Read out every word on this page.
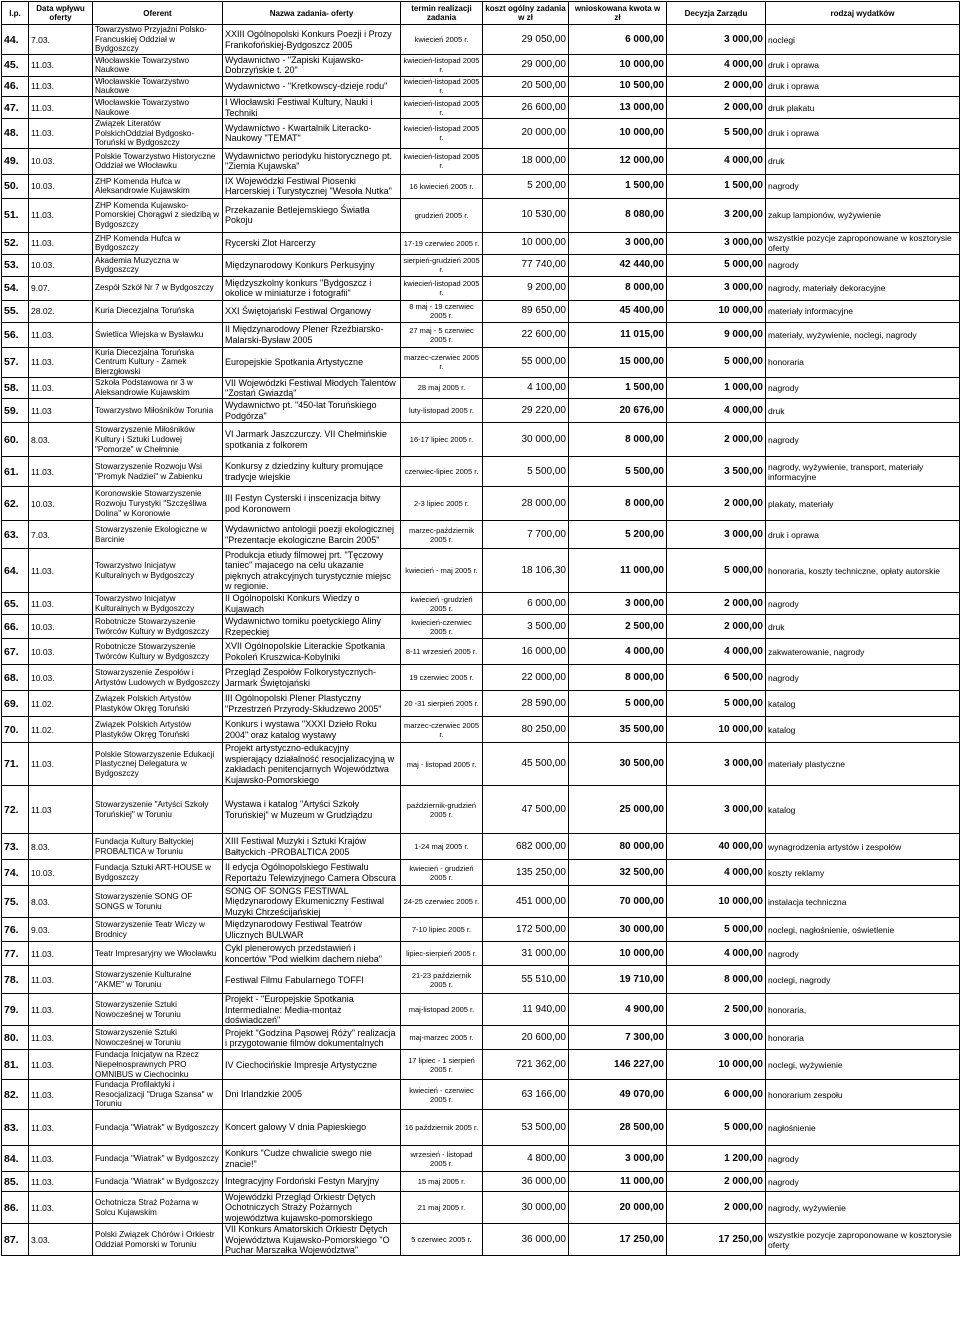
l.p.	Data wpływu oferty	Oferent	Nazwa zadania- oferty	termin realizacji zadania	koszt ogólny zadania w zł	wnioskowana kwota w zł	Decyzja Zarządu	rodzaj wydatków
44.	7.03.	Towarzystwo Przyjaźni Polsko-Francuskiej Oddział w Bydgoszczy	XXIII Ogólnopolski Konkurs Poezji i Prozy Frankofońskiej-Bydgoszcz 2005	kwiecień 2005 r.	29 050,00	6 000,00	3 000,00	noclegi
45.	11.03.	Włocławskie Towarzystwo Naukowe	Wydawnictwo - "Zapiski Kujawsko-Dobrzyńskie t. 20"	kwiecień-listopad 2005 r.	29 000,00	10 000,00	4 000,00	druk i oprawa
46.	11.03.	Włocławskie Towarzystwo Naukowe	Wydawnictwo - "Kretkowscy-dzieje rodu"	kwiecień-listopad 2005 r.	20 500,00	10 500,00	2 000,00	druk i oprawa
47.	11.03.	Włocławskie Towarzystwo Naukowe	I Włocławski Festiwal Kultury, Nauki i Techniki	kwiecień-listopad 2005 r.	26 600,00	13 000,00	2 000,00	druk plakatu
48.	11.03.	Związek Literatów PolskichOddział Bydgosko-Toruński w Bydgoszczy	Wydawnictwo - Kwartalnik Literacko-Naukowy "TEMAT"	kwiecień-listopad 2005 r.	20 000,00	10 000,00	5 500,00	druk i oprawa
49.	10.03.	Polskie Towarzystwo Historyczne Oddział we Włocławku	Wydawnictwo periodyku historycznego pt. "Ziemia Kujawska"	kwiecień-listopad 2005 r.	18 000,00	12 000,00	4 000,00	druk
50.	10.03.	ZHP Komenda Hufca w Aleksandrowie Kujawskim	IX Wojewódzki Festiwal Piosenki Harcerskiej i Turystycznej "Wesoła Nutka"	16 kwiecień 2005 r.	5 200,00	1 500,00	1 500,00	nagrody
51.	11.03.	ZHP Komenda Kujawsko-Pomorskiej Chorągwi z siedzibą w Bydgoszczy	Przekazanie Betlejemskiego Światła Pokoju	grudzień 2005 r.	10 530,00	8 080,00	3 200,00	zakup lampionów, wyżywienie
52.	11.03.	ZHP Komenda Hufca w Bydgoszczy	Rycerski Zlot Harcerzy	17-19 czerwiec 2005 r.	10 000,00	3 000,00	3 000,00	wszystkie pozycje zaproponowane w kosztorysie oferty
53.	10.03.	Akademia Muzyczna w Bydgoszczy	Międzynarodowy Konkurs Perkusyjny	sierpień-grudzień 2005 r.	77 740,00	42 440,00	5 000,00	nagrody
54.	9.07.	Zespół Szkół Nr 7 w Bydgoszczy	Międzyszkolny konkurs "Bydgoszcz i okolice w miniaturze i fotografii"	kwiecień-listopad 2005 r.	9 200,00	8 000,00	3 000,00	nagrody, materiały dekoracyjne
55.	28.02.	Kuria Diecezjalna Toruńska	XXI Świętojański Festiwal Organowy	8 maj - 19 czerwiec 2005 r.	89 650,00	45 400,00	10 000,00	materiały informacyjne
56.	11.03.	Świetlica Wiejska w Bysławku	II Międzynarodowy Plener Rzeźbiarsko-Malarski-Bysław 2005	27 maj - 5 czerwiec 2005 r.	22 600,00	11 015,00	9 000,00	materiały, wyżywienie, noclegi, nagrody
57.	11.03.	Kuria Diecezjalna Toruńska Centrum Kultury - Zamek Bierzgłowski	Europejskie Spotkania Artystyczne	marzec-czerwiec 2005 r.	55 000,00	15 000,00	5 000,00	honoraria
58.	11.03.	Szkoła Podstawowa nr 3 w Aleksandrowie Kujawskim	VII Wojewódzki Festiwal Młodych Talentów "Zostań Gwiazdą"	28 maj 2005 r.	4 100,00	1 500,00	1 000,00	nagrody
59.	11.03	Towarzystwo Miłośników Torunia	Wydawnictwo pt. "450-lat Toruńskiego Podgórza"	luty-listopad 2005 r.	29 220,00	20 676,00	4 000,00	druk
60.	8.03.	Stowarzyszenie Miłośników Kultury i Sztuki Ludowej "Pomorze" w Chełmnie	VI Jarmark Jaszczurczy. VII Chełmińskie spotkania z folkorem	16-17 lipiec 2005 r.	30 000,00	8 000,00	2 000,00	nagrody
61.	11.03.	Stowarzyszenie Rozwoju Wsi "Promyk Nadziei" w Żabienku	Konkursy z dziedziny kultury promujące tradycje wiejskie	czerwiec-lipiec 2005 r.	5 500,00	5 500,00	3 500,00	nagrody, wyżywienie, transport, materiały informacyjne
62.	10.03.	Koronowskie Stowarzyszenie Rozwoju Turystyki "Szczęśliwa Dolina" w Koronowie	III Festyn Cysterski i inscenizacja bitwy pod Koronowem	2-3 lipiec 2005 r.	28 000,00	8 000,00	2 000,00	plakaty, materiały
63.	7.03.	Stowarzyszenie Ekologiczne w Barcinie	Wydawnictwo antologii poezji ekologicznej "Prezentacje ekologiczne Barcin 2005"	marzec-październik 2005 r.	7 700,00	5 200,00	3 000,00	druk i oprawa
64.	11.03.	Towarzystwo Inicjatyw Kulturalnych w Bydgoszczy	Produkcja etiudy filmowej prt. "Tęczowy taniec" majacego na celu ukazanie pięknych atrakcyjnych turystycznie miejsc w regionie.	kwiecień - maj 2005 r.	18 106,30	11 000,00	5 000,00	honoraria, koszty techniczne, opłaty autorskie
65.	11.03.	Towarzystwo Inicjatyw Kulturalnych w Bydgoszczy	II Ogólnopolski Konkurs Wiedzy o Kujawach	kwiecień -grudzień 2005 r.	6 000,00	3 000,00	2 000,00	nagrody
66.	10.03.	Robotnicze Stowarzyszenie Twórców Kultury w Bydgoszczy	Wydawnictwo tomiku poetyckiego Aliny Rzepeckiej	kwiecień-czerwiec 2005 r.	3 500,00	2 500,00	2 000,00	druk
67.	10.03.	Robotnicze Stowarzyszenie Twórców Kultury w Bydgoszczy	XVII Ogólnopolskie Literackie Spotkania Pokoleń Kruszwica-Kobylniki	8-11 wrzesień 2005 r.	16 000,00	4 000,00	4 000,00	zakwaterowanie, nagrody
68.	10.03.	Stowarzyszenie Zespołów i Artystów Ludowych w Bydgoszczy	Przegląd Zespołów Folkorystycznych-Jarmark Świętojański	19 czerwiec 2005 r.	22 000,00	8 000,00	6 500,00	nagrody
69.	11.02.	Związek Polskich Artystów Plastyków Okręg Toruński	III Ogólnopolski Plener Plastyczny "Przestrzeń Przyrody-Skłudzewo 2005"	20 -31 sierpień 2005 r.	28 590,00	5 000,00	5 000,00	katalog
70.	11.02.	Związek Polskich Artystów Plastyków Okręg Toruński	Konkurs i wystawa "XXXI Dzieło Roku 2004" oraz katalog wystawy	marzec-czerwiec 2005 r.	80 250,00	35 500,00	10 000,00	katalog
71.	11.03.	Polskie Stowarzyszenie Edukacji Plastycznej Delegatura w Bydgoszczy	Projekt artystyczno-edukacyjny wspierający działalność resocjalizacyjną w zakładach penitencjarnych Województwa Kujawsko-Pomorskiego	maj - listopad 2005 r.	45 500,00	30 500,00	3 000,00	materiały plastyczne
72.	11.03	Stowarzyszenie "Artyści Szkoły Toruńskiej" w Toruniu	Wystawa i katalog "Artyści Szkoły Toruńskiej" w Muzeum w Grudziądzu	październik-grudzień 2005 r.	47 500,00	25 000,00	3 000,00	katalog
73.	8.03.	Fundacja Kultury Bałtyckiej PROBALTICA w Toruniu	XIII Festiwal Muzyki i Sztuki Krajów Bałtyckich -PROBALTICA 2005	1-24 maj 2005 r.	682 000,00	80 000,00	40 000,00	wynagrodzenia artystów i zespołów
74.	10.03.	Fundacja Sztuki ART-HOUSE w Bydgoszczy	II edycja Ogólnopolskiego Festiwalu Reportażu Telewizyjnego Camera Obscura	kwiecień - grudzień 2005 r.	135 250,00	32 500,00	4 000,00	koszty reklamy
75.	8.03.	Stowarzyszenie SONG OF SONGS w Toruniu	SONG OF SONGS FESTIWAL Międzynarodowy Ekumeniczny Festiwal Muzyki Chrześcijańskiej	24-25 czerwiec 2005 r.	451 000,00	70 000,00	10 000,00	instalacja techniczna
76.	9.03.	Stowarzyszenie Teatr Wiczy w Brodnicy	Międzynarodowy Festiwal Teatrów Ulicznych BULWAR	7-10 lipiec 2005 r.	172 500,00	30 000,00	5 000,00	noclegi, nagłośnienie, oświetlenie
77.	11.03.	Teatr Impresaryjny we Włocławku	Cykl plenerowych przedstawień i koncertów "Pod wielkim dachem nieba"	lipiec-sierpień 2005 r.	31 000,00	10 000,00	4 000,00	nagrody
78.	11.03.	Stowarzyszenie Kulturalne "AKME" w Toruniu	Festiwal Filmu Fabularnego TOFFI	21-23 październik 2005 r.	55 510,00	19 710,00	8 000,00	noclegi, nagrody
79.	11.03.	Stowarzyszenie Sztuki Nowocześnej w Toruniu	Projekt - "Europejskie Spotkania Intermedialne: Media-montaż doświadczeń"	maj-listopad 2005 r.	11 940,00	4 900,00	2 500,00	honoraria,
80.	11.03.	Stowarzyszenie Sztuki Nowocześnej w Toruniu	Projekt "Godzina Pąsowej Róży" realizacja i przygotowanie filmów dokumentalnych	maj-marzec 2005 r.	20 600,00	7 300,00	3 000,00	honoraria
81.	11.03.	Fundacja Inicjatyw na Rzecz Niepełnosprawnych PRO OMNIBUS w Ciechocinku	IV Ciechocińskie Impresje Artystyczne	17 lipiec - 1 sierpień 2005 r.	721 362,00	146 227,00	10 000,00	noclegi, wyżywienie
82.	11.03.	Fundacja Profilaktyki i Resocjalizacji "Druga Szansa" w Toruniu	Dni Irlandzkie 2005	kwiecień - czerwiec 2005 r.	63 166,00	49 070,00	6 000,00	honorarium zespołu
83.	11.03.	Fundacja "Wiatrak" w Bydgoszczy	Koncert galowy V dnia Papieskiego	16 październik 2005 r.	53 500,00	28 500,00	5 000,00	nagłośnienie
84.	11.03.	Fundacja "Wiatrak" w Bydgoszczy	Konkurs "Cudze chwalicie swego nie znacie!"	wrzesień - listopad 2005 r.	4 800,00	3 000,00	1 200,00	nagrody
85.	11.03.	Fundacja "Wiatrak" w Bydgoszczy	Integracyjny Fordoński Festyn Maryjny	15 maj 2005 r.	36 000,00	11 000,00	2 000,00	nagrody
86.	11.03.	Ochotnicza Straż Pożarna w Solcu Kujawskim	Wojewódzki Przegląd Orkiestr Dętych Ochotniczych Straży Pożarnych województwa kujawsko-pomorskiego	21 maj 2005 r.	30 000,00	20 000,00	2 000,00	nagrody, wyżywienie
87.	3.03.	Polski Związek Chórów i Orkiestr Oddział Pomorski w Toruniu	VII Konkurs Amatorskich Orkiestr Dętych Województwa Kujawsko-Pomorskiego "O Puchar Marszałka Województwa"	5 czerwiec 2005 r.	36 000,00	17 250,00	17 250,00	wszystkie pozycje zaproponowane w kosztorysie oferty
